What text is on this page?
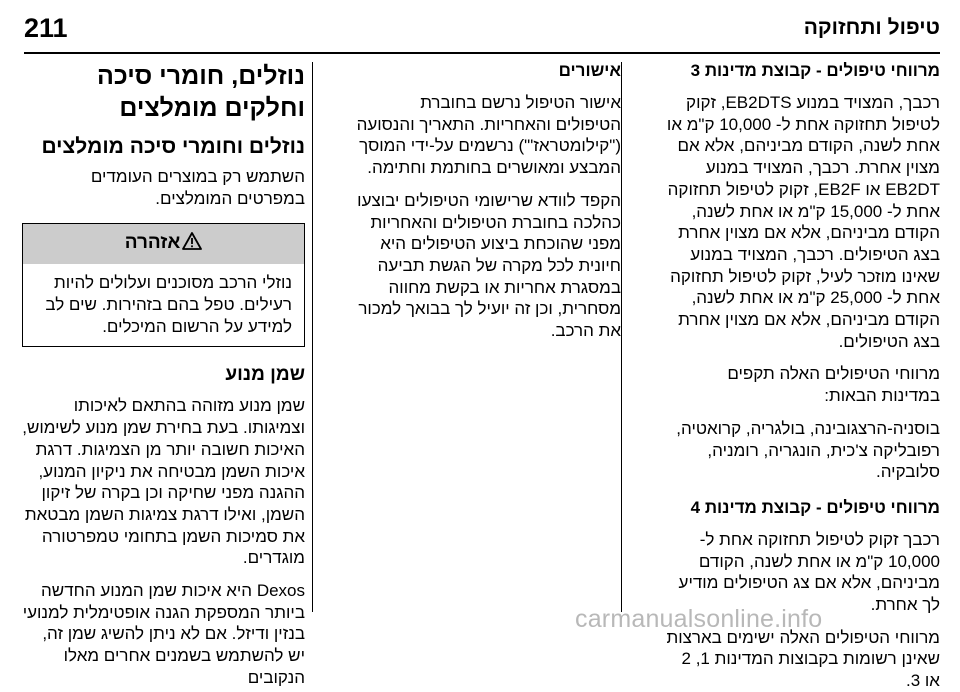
211	טיפול ותחזוקה
מרווחי טיפולים - קבוצת מדינות 3

רכבך, המצויד במנוע EB2DTS, זקוק לטיפול תחזוקה אחת ל- 10,000 ק"מ או אחת לשנה, הקודם מביניהם, אלא אם מצוין אחרת. רכבך, המצויד במנוע EB2DT או EB2F, זקוק לטיפול תחזוקה אחת ל- 15,000 ק"מ או אחת לשנה, הקודם מביניהם, אלא אם מצוין אחרת בצג הטיפולים. רכבך, המצויד במנוע שאינו מוזכר לעיל, זקוק לטיפול תחזוקה אחת ל- 25,000 ק"מ או אחת לשנה, הקודם מביניהם, אלא אם מצוין אחרת בצג הטיפולים.

מרווחי הטיפולים האלה תקפים במדינות הבאות:

בוסניה-הרצגובינה, בולגריה, קרואטיה, רפובליקה צ'כית, הונגריה, רומניה, סלובקיה.

מרווחי טיפולים - קבוצת מדינות 4

רכבך זקוק לטיפול תחזוקה אחת ל- 10,000 ק"מ או אחת לשנה, הקודם מביניהם, אלא אם צג הטיפולים מודיע לך אחרת.

מרווחי הטיפולים האלה ישימים בארצות שאינן רשומות בקבוצות המדינות 1, 2 או 3.

אישורים

אישור הטיפול נרשם בחוברת הטיפולים והאחריות. התאריך והנסועה ("קילומטראז'") נרשמים על-ידי המוסך המבצע ומאושרים בחותמת וחתימה.

הקפד לוודא שרישומי הטיפולים יבוצעו כהלכה בחוברת הטיפולים והאחריות מפני שהוכחת ביצוע הטיפולים היא חיונית לכל מקרה של הגשת תביעה במסגרת אחריות או בקשת מחווה מסחרית, וכן זה יועיל לך בבואך למכור את הרכב.

נוזלים, חומרי סיכה וחלקים מומלצים
נוזלים וחומרי סיכה מומלצים

השתמש רק במוצרים העומדים במפרטים המומלצים.

אזהרה
נוזלי הרכב מסוכנים ועלולים להיות רעילים. טפל בהם בזהירות. שים לב למידע על הרשום המיכלים.
שמן מנוע

שמן מנוע מזוהה בהתאם לאיכותו וצמיגותו. בעת בחירת שמן מנוע לשימוש, האיכות חשובה יותר מן הצמיגות. דרגת איכות השמן מבטיחה את ניקיון המנוע, ההגנה מפני שחיקה וכן בקרה של זיקון השמן, ואילו דרגת צמיגות השמן מבטאת את סמיכות השמן בתחומי טמפרטורה מוגדרים.

Dexos היא איכות שמן המנוע החדשה ביותר המספקת הגנה אופטימלית למנועי בנזין ודיזל. אם לא ניתן להשיג שמן זה, יש להשתמש בשמנים אחרים מאלו הנקובים

carmanualsonline.info
